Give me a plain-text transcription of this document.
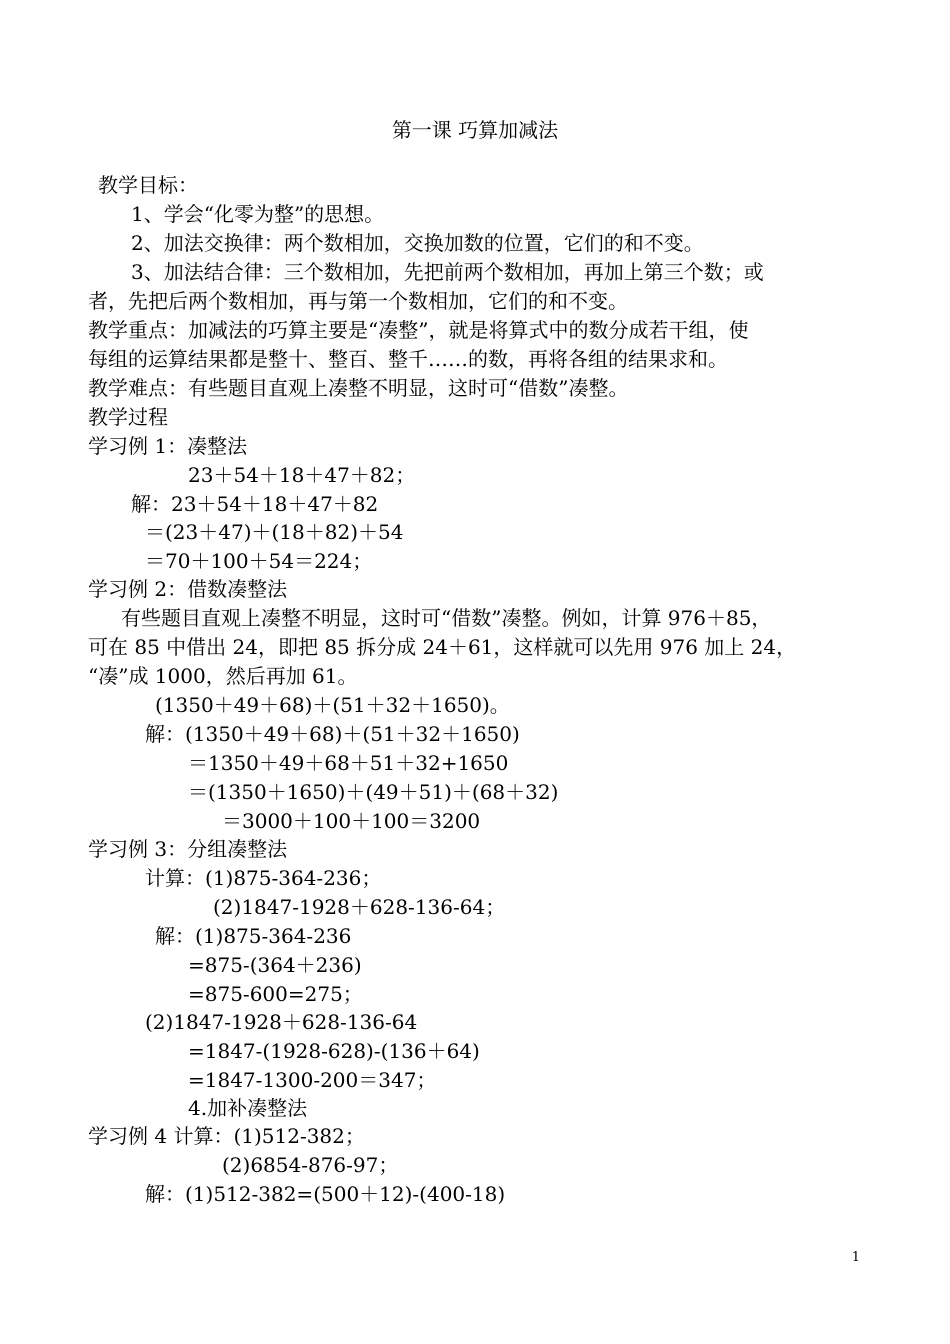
第一课 巧算加减法
教学目标：
1、学会“化零为整”的思想。
2、加法交换律：两个数相加，交换加数的位置，它们的和不变。
3、加法结合律：三个数相加，先把前两个数相加，再加上第三个数；或
者，先把后两个数相加，再与第一个数相加，它们的和不变。
教学重点：加减法的巧算主要是“凑整”，就是将算式中的数分成若干组，使
每组的运算结果都是整十、整百、整千……的数，再将各组的结果求和。
教学难点：有些题目直观上凑整不明显，这时可“借数”凑整。
教学过程
学习例 1：凑整法
23＋54＋18＋47＋82；
解：23＋54＋18＋47＋82
＝(23＋47)＋(18＋82)＋54
＝70＋100＋54＝224；
学习例 2：借数凑整法
有些题目直观上凑整不明显，这时可“借数”凑整。例如，计算 976＋85，
可在 85 中借出 24，即把 85 拆分成 24＋61，这样就可以先用 976 加上 24，
“凑”成 1000，然后再加 61。
(1350＋49＋68)＋(51＋32＋1650)。
解：(1350＋49＋68)＋(51＋32＋1650)
＝1350＋49＋68＋51＋32+1650
＝(1350＋1650)＋(49＋51)＋(68＋32)
＝3000＋100＋100＝3200
学习例 3：分组凑整法
计算：(1)875-364-236；
(2)1847-1928＋628-136-64；
解：(1)875-364-236
=875-(364＋236)
=875-600=275；
(2)1847-1928＋628-136-64
=1847-(1928-628)-(136＋64)
=1847-1300-200＝347；
4.加补凑整法
学习例 4 计算：(1)512-382；
(2)6854-876-97；
解：(1)512-382=(500＋12)-(400-18)
1
